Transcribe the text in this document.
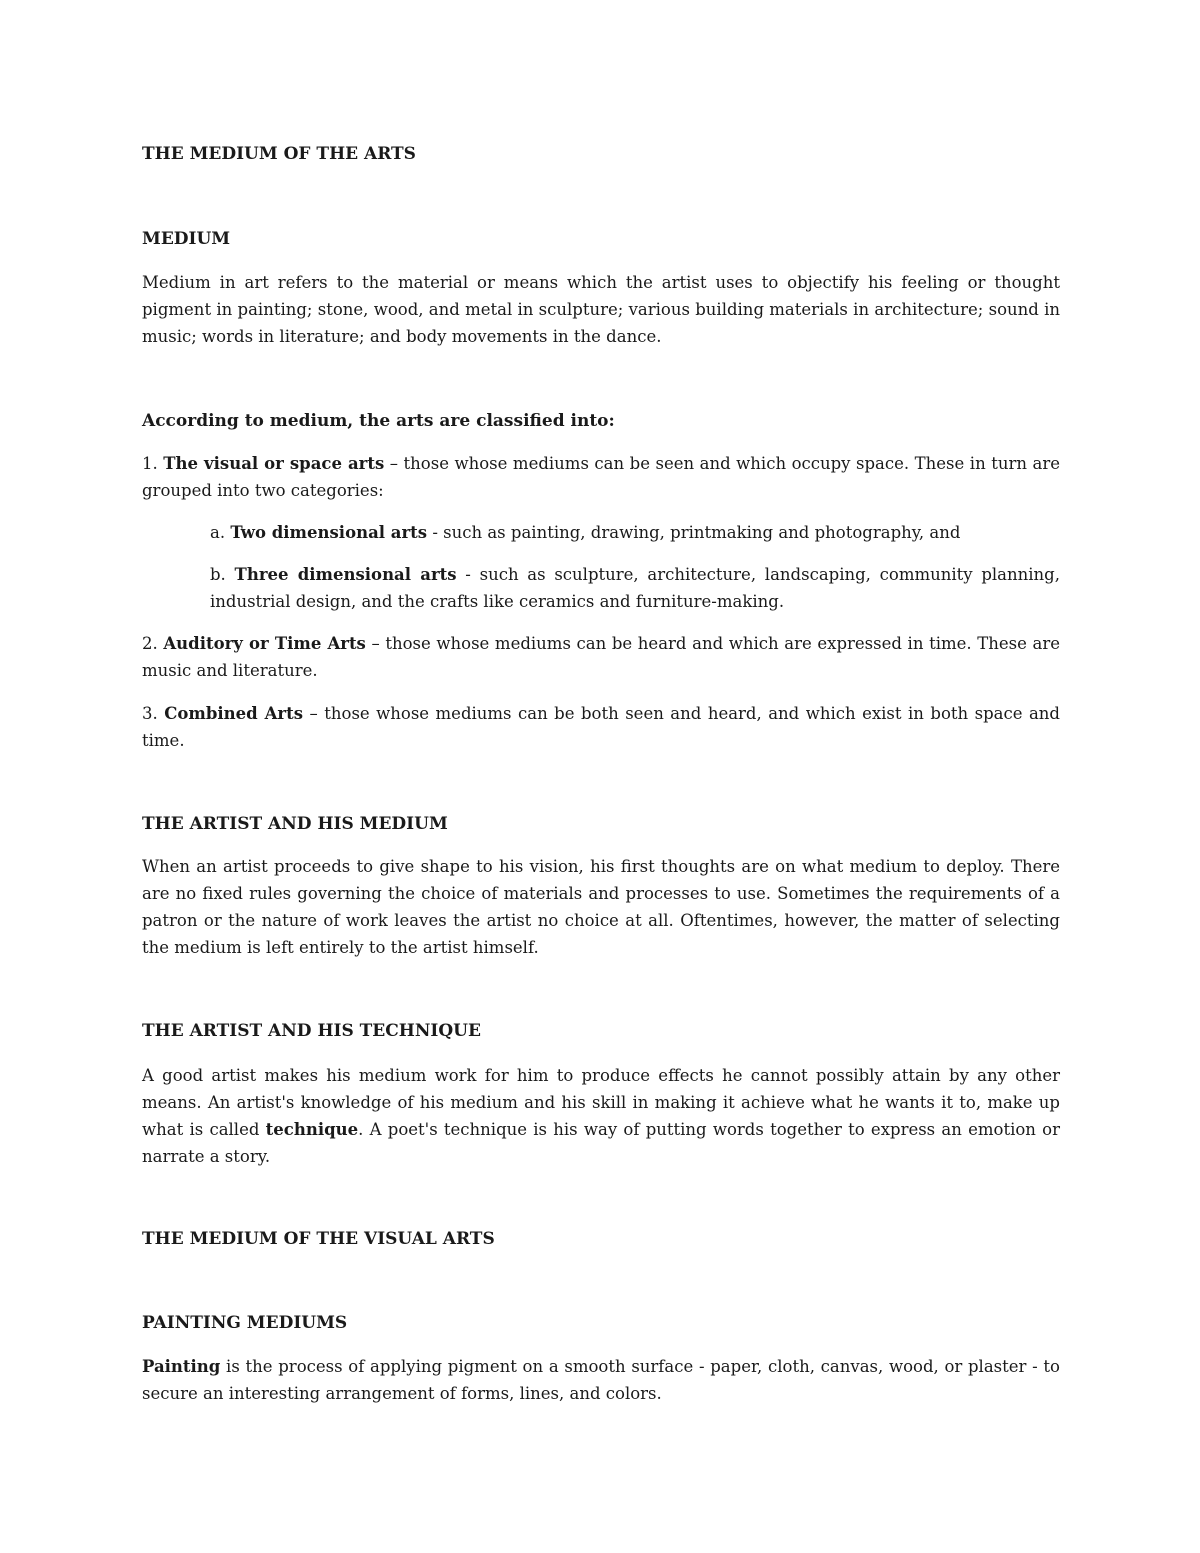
THE MEDIUM OF THE ARTS
MEDIUM
Medium in art refers to the material or means which the artist uses to objectify his feeling or thought pigment in painting; stone, wood, and metal in sculpture; various building materials in architecture; sound in music; words in literature; and body movements in the dance.
According to medium, the arts are classified into:
1. The visual or space arts – those whose mediums can be seen and which occupy space. These in turn are grouped into two categories:
a. Two dimensional arts - such as painting, drawing, printmaking and photography, and
b. Three dimensional arts - such as sculpture, architecture, landscaping, community planning, industrial design, and the crafts like ceramics and furniture-making.
2. Auditory or Time Arts – those whose mediums can be heard and which are expressed in time. These are music and literature.
3. Combined Arts – those whose mediums can be both seen and heard, and which exist in both space and time.
THE ARTIST AND HIS MEDIUM
When an artist proceeds to give shape to his vision, his first thoughts are on what medium to deploy. There are no fixed rules governing the choice of materials and processes to use. Sometimes the requirements of a patron or the nature of work leaves the artist no choice at all. Oftentimes, however, the matter of selecting the medium is left entirely to the artist himself.
THE ARTIST AND HIS TECHNIQUE
A good artist makes his medium work for him to produce effects he cannot possibly attain by any other means. An artist's knowledge of his medium and his skill in making it achieve what he wants it to, make up what is called technique. A poet's technique is his way of putting words together to express an emotion or narrate a story.
THE MEDIUM OF THE VISUAL ARTS
PAINTING MEDIUMS
Painting is the process of applying pigment on a smooth surface - paper, cloth, canvas, wood, or plaster - to secure an interesting arrangement of forms, lines, and colors.
